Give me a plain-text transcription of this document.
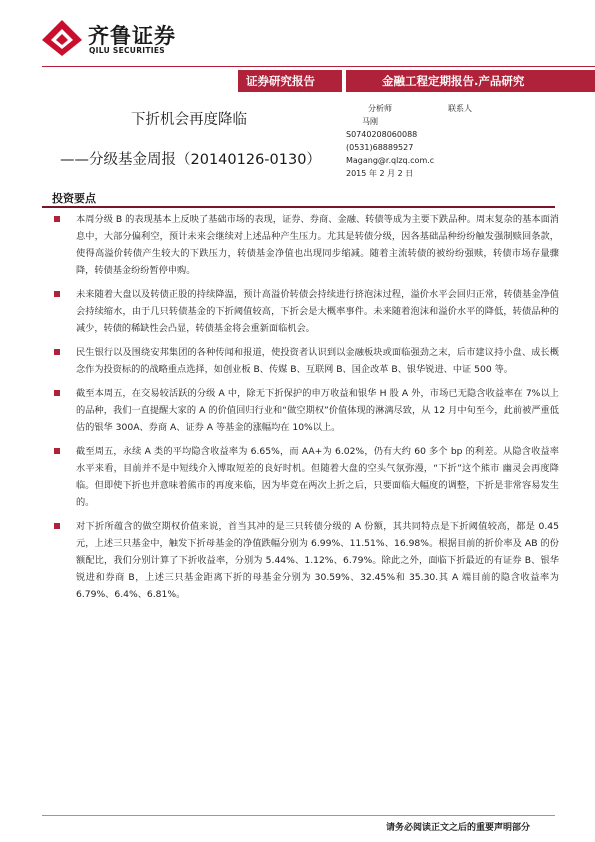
齐鲁证券
QILU SECURITIES
证券研究报告	金融工程定期报告.产品研究
下折机会再度降临
——分级基金周报（20140126-0130）
分析师	联系人
马刚
S0740208060088
(0531)68889527
Magang@r.qlzq.com.c
2015 年 2 月 2 日
投资要点
本周分级 B 的表现基本上反映了基础市场的表现，证券、券商、金融、转债等成为主要下跌品种。周末复杂的基本面消息中，大部分偏利空，预计未来会继续对上述品种产生压力。尤其是转债分级，因各基础品种纷纷触发强制赎回条款，使得高溢价转债产生较大的下跌压力，转债基金净值也出现同步缩减。随着主流转债的被纷纷强赎，转债市场存量骤降，转债基金纷纷暂停申购。
未来随着大盘以及转债正股的持续降温，预计高溢价转债会持续进行挤泡沫过程，溢价水平会回归正常，转债基金净值会持续缩水，由于几只转债基金的下折阈值较高，下折会是大概率事件。未来随着泡沫和溢价水平的降低，转债品种的减少，转债的稀缺性会凸显，转债基金将会重新面临机会。
民生银行以及围绕安邦集团的各种传闻和报道，使投资者认识到以金融板块或面临强劲之末，后市建议持小盘、成长概念作为投资标的的战略重点选择，如创业板 B、传媒 B、互联网 B、国企改革 B、银华锐进、中证 500 等。
截至本周五，在交易较活跃的分级 A 中，除无下折保护的申万收益和银华 H 股 A 外，市场已无隐含收益率在 7%以上的品种，我们一直提醒大家的 A 的价值回归行业和“做空期权”价值体现的淋漓尽致，从 12 月中旬至今，此前被严重低估的银华 300A、券商 A、证券 A 等基金的涨幅均在 10%以上。
截至周五，永续 A 类的平均隐含收益率为 6.65%，而 AA+为 6.02%，仍有大约 60 多个 bp 的利差。从隐含收益率水平来看，目前并不是中短线介入博取短差的良好时机。但随着大盘的空头气氛弥漫，“下折”这个熊市 幽灵会再度降临。但即使下折也并意味着熊市的再度来临，因为毕竟在两次上折之后，只要面临大幅度的调整，下折是非常容易发生的。
对下折所蕴含的做空期权价值来说，首当其冲的是三只转债分级的 A 份额，其共同特点是下折阈值较高，都是 0.45 元，上述三只基金中，触发下折母基金的净值跌幅分别为 6.99%、11.51%、16.98%。根据目前的折价率及 AB 的份额配比，我们分别计算了下折收益率，分别为 5.44%、1.12%、6.79%。除此之外，面临下折最近的有证券 B、银华锐进和券商 B，上述三只基金距离下折的母基金分别为 30.59%、32.45%和 35.30.其 A 端目前的隐含收益率为 6.79%、6.4%、6.81%。
请务必阅读正文之后的重要声明部分
